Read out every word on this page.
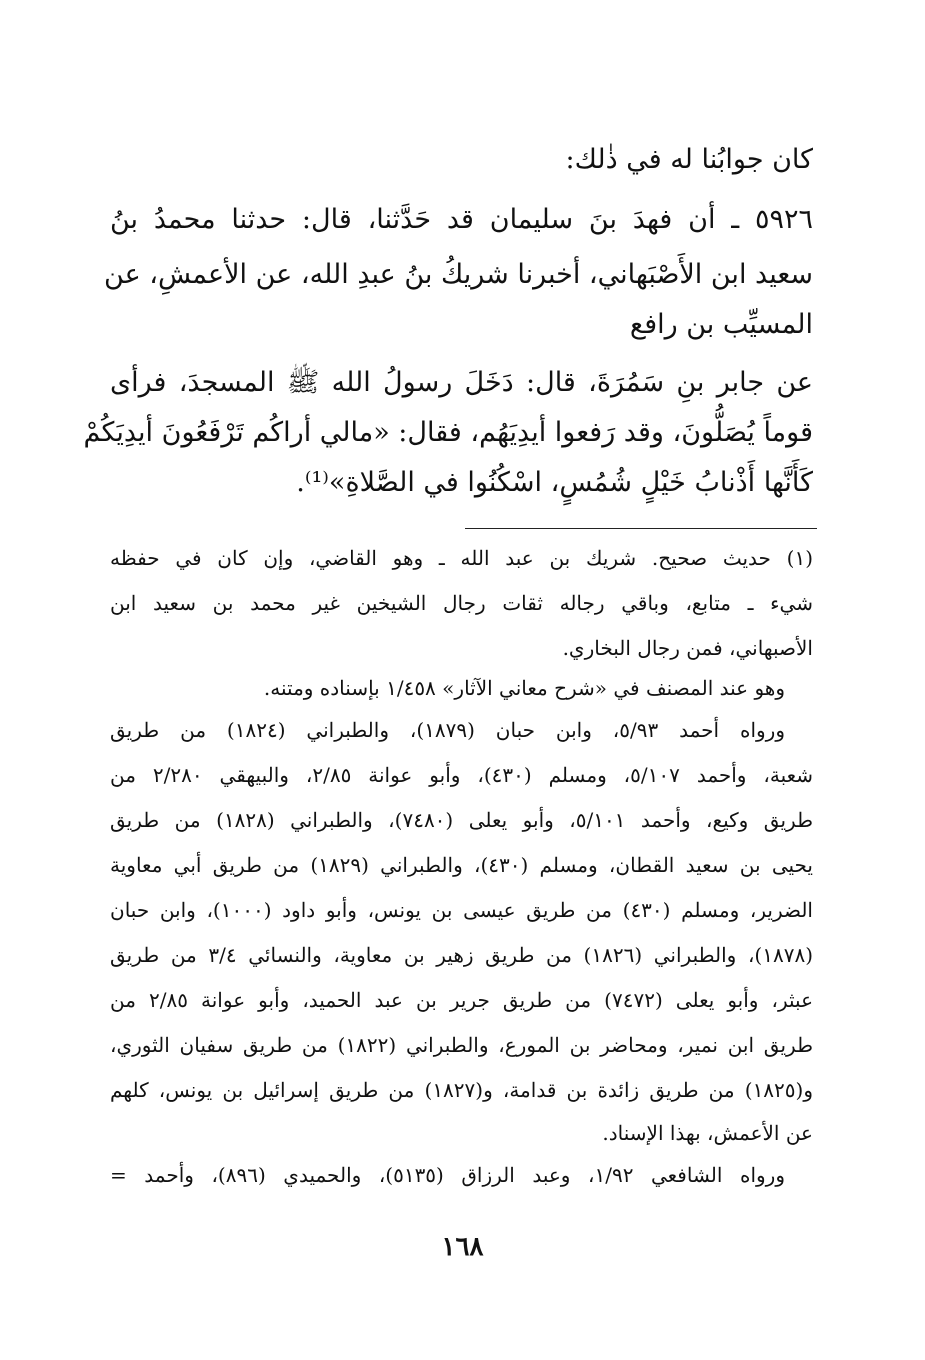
كان جوابُنا له في ذٰلك:
٥٩٢٦ ـ أن فهدَ بنَ سليمان قد حَدَّثنا، قال: حدثنا محمدُ بنُ
سعيد ابن الأَصْبَهاني، أخبرنا شريكُ بنُ عبدِ الله، عن الأعمشِ، عن
المسيِّب بن رافع
عن جابر بنِ سَمُرَةَ، قال: دَخَلَ رسولُ الله ﷺ المسجدَ، فرأى
قوماً يُصَلُّونَ، وقد رَفعوا أيدِيَهُم، فقال: «مالي أراكُم تَرْفَعُونَ أيدِيَكُمْ
كَأَنَّها أَذْنابُ خَيْلٍ شُمُسٍ، اسْكُنُوا في الصَّلاةِ»⁽¹⁾.
(١) حديث صحيح. شريك بن عبد الله ـ وهو القاضي، وإن كان في حفظه
شيء ـ متابع، وباقي رجاله ثقات رجال الشيخين غير محمد بن سعيد ابن
الأصبهاني، فمن رجال البخاري.
وهو عند المصنف في «شرح معاني الآثار» ١/٤٥٨ بإسناده ومتنه.
ورواه أحمد ٥/٩٣، وابن حبان (١٨٧٩)، والطبراني (١٨٢٤) من طريق
شعبة، وأحمد ٥/١٠٧، ومسلم (٤٣٠)، وأبو عوانة ٢/٨٥، والبيهقي ٢/٢٨٠ من
طريق وكيع، وأحمد ٥/١٠١، وأبو يعلى (٧٤٨٠)، والطبراني (١٨٢٨) من طريق
يحيى بن سعيد القطان، ومسلم (٤٣٠)، والطبراني (١٨٢٩) من طريق أبي معاوية
الضرير، ومسلم (٤٣٠) من طريق عيسى بن يونس، وأبو داود (١٠٠٠)، وابن حبان
(١٨٧٨)، والطبراني (١٨٢٦) من طريق زهير بن معاوية، والنسائي ٣/٤ من طريق
عبثر، وأبو يعلى (٧٤٧٢) من طريق جرير بن عبد الحميد، وأبو عوانة ٢/٨٥ من
طريق ابن نمير، ومحاضر بن المورع، والطبراني (١٨٢٢) من طريق سفيان الثوري،
و(١٨٢٥) من طريق زائدة بن قدامة، و(١٨٢٧) من طريق إسرائيل بن يونس، كلهم
عن الأعمش، بهذا الإسناد.
ورواه الشافعي ١/٩٢، وعبد الرزاق (٥١٣٥)، والحميدي (٨٩٦)، وأحمد =
١٦٨
